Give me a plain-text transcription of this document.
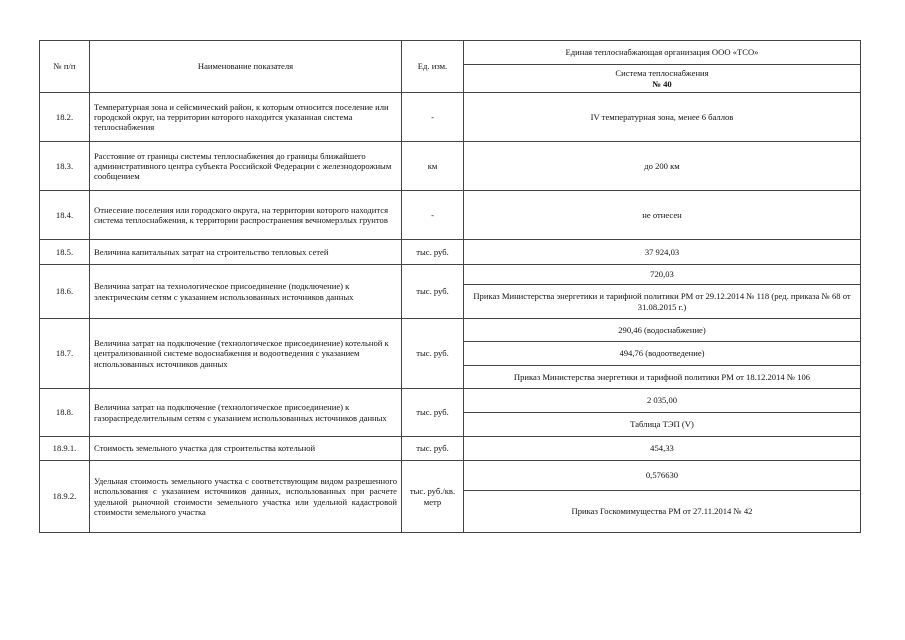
№ п/п	Наименование показателя	Ед. изм.	Единая теплоснабжающая организация ООО «ТСО»
			Система теплоснабжения
№ 40
18.2.	Температурная зона и сейсмический район, к которым относится поселение или городской округ, на территории которого находится указанная система теплоснабжения	-	IV температурная зона, менее 6 баллов
18.3.	Расстояние от границы системы теплоснабжения до границы ближайшего административного центра субъекта Российской Федерации с железнодорожным сообщением	км	до 200 км
18.4.	Отнесение поселения или городского округа, на территории которого находится система теплоснабжения, к территории распространения вечномерзлых грунтов	-	не отнесен
18.5.	Величина капитальных затрат на строительство тепловых сетей	тыс. руб.	37 924,03
18.6.	Величина затрат на технологическое присоединение (подключение) к электрическим сетям с указанием использованных источников данных	тыс. руб.	720,03
			Приказ Министерства энергетики и тарифной политики РМ от 29.12.2014 № 118 (ред. приказа № 68 от 31.08.2015 г.)
18.7.	Величина затрат на подключение (технологическое присоединение) котельной к централизованной системе водоснабжения и водоотведения с указанием использованных источников данных	тыс. руб.	290,46 (водоснабжение)
			494,76 (водоотведение)
			Приказ Министерства энергетики и тарифной политики РМ от 18.12.2014 № 106
18.8.	Величина затрат на подключение (технологическое присоединение) к газораспределительным сетям с указанием использованных источников данных	тыс. руб.	2 035,00
			Таблица ТЭП (V)
18.9.1.	Стоимость земельного участка для строительства котельной	тыс. руб.	454,33
18.9.2.	Удельная стоимость земельного участка с соответствующим видом разрешенного использования с указанием источников данных, использованных при расчете удельной рыночной стоимости земельного участка или удельной кадастровой стоимости земельного участка	тыс. руб./кв. метр	0,576630
			Приказ Госкомимущества РМ от 27.11.2014 № 42
